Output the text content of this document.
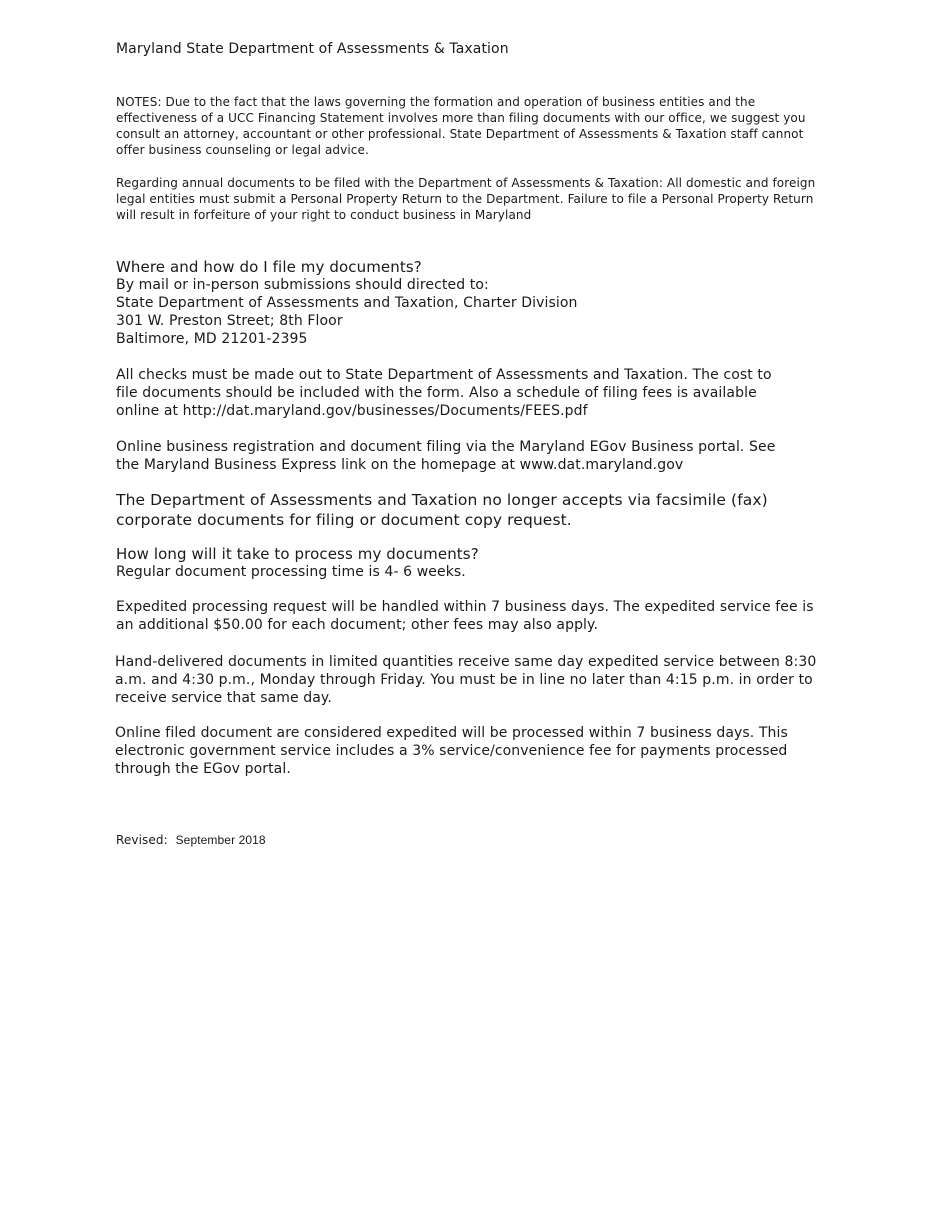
Maryland State Department of Assessments & Taxation

NOTES: Due to the fact that the laws governing the formation and operation of business entities and the effectiveness of a UCC Financing Statement involves more than filing documents with our office, we suggest you consult an attorney, accountant or other professional. State Department of Assessments & Taxation staff cannot offer business counseling or legal advice.

Regarding annual documents to be filed with the Department of Assessments & Taxation: All domestic and foreign legal entities must submit a Personal Property Return to the Department. Failure to file a Personal Property Return will result in forfeiture of your right to conduct business in Maryland

Where and how do I file my documents?
By mail or in-person submissions should directed to:
State Department of Assessments and Taxation, Charter Division
301 W. Preston Street; 8th Floor
Baltimore, MD 21201-2395

All checks must be made out to State Department of Assessments and Taxation. The cost to file documents should be included with the form. Also a schedule of filing fees is available online at http://dat.maryland.gov/businesses/Documents/FEES.pdf

Online business registration and document filing via the Maryland EGov Business portal. See
the Maryland Business Express link on the homepage at www.dat.maryland.gov

The Department of Assessments and Taxation no longer accepts via facsimile (fax) corporate documents for filing or document copy request.

How long will it take to process my documents?
Regular document processing time is 4- 6 weeks.

Expedited processing request will be handled within 7 business days. The expedited service fee is an additional $50.00 for each document; other fees may also apply.

Hand-delivered documents in limited quantities receive same day expedited service between 8:30 a.m. and 4:30 p.m., Monday through Friday. You must be in line no later than 4:15 p.m. in order to receive service that same day.

Online filed document are considered expedited will be processed within 7 business days. This electronic government service includes a 3% service/convenience fee for payments processed through the EGov portal.

Revised: September 2018
